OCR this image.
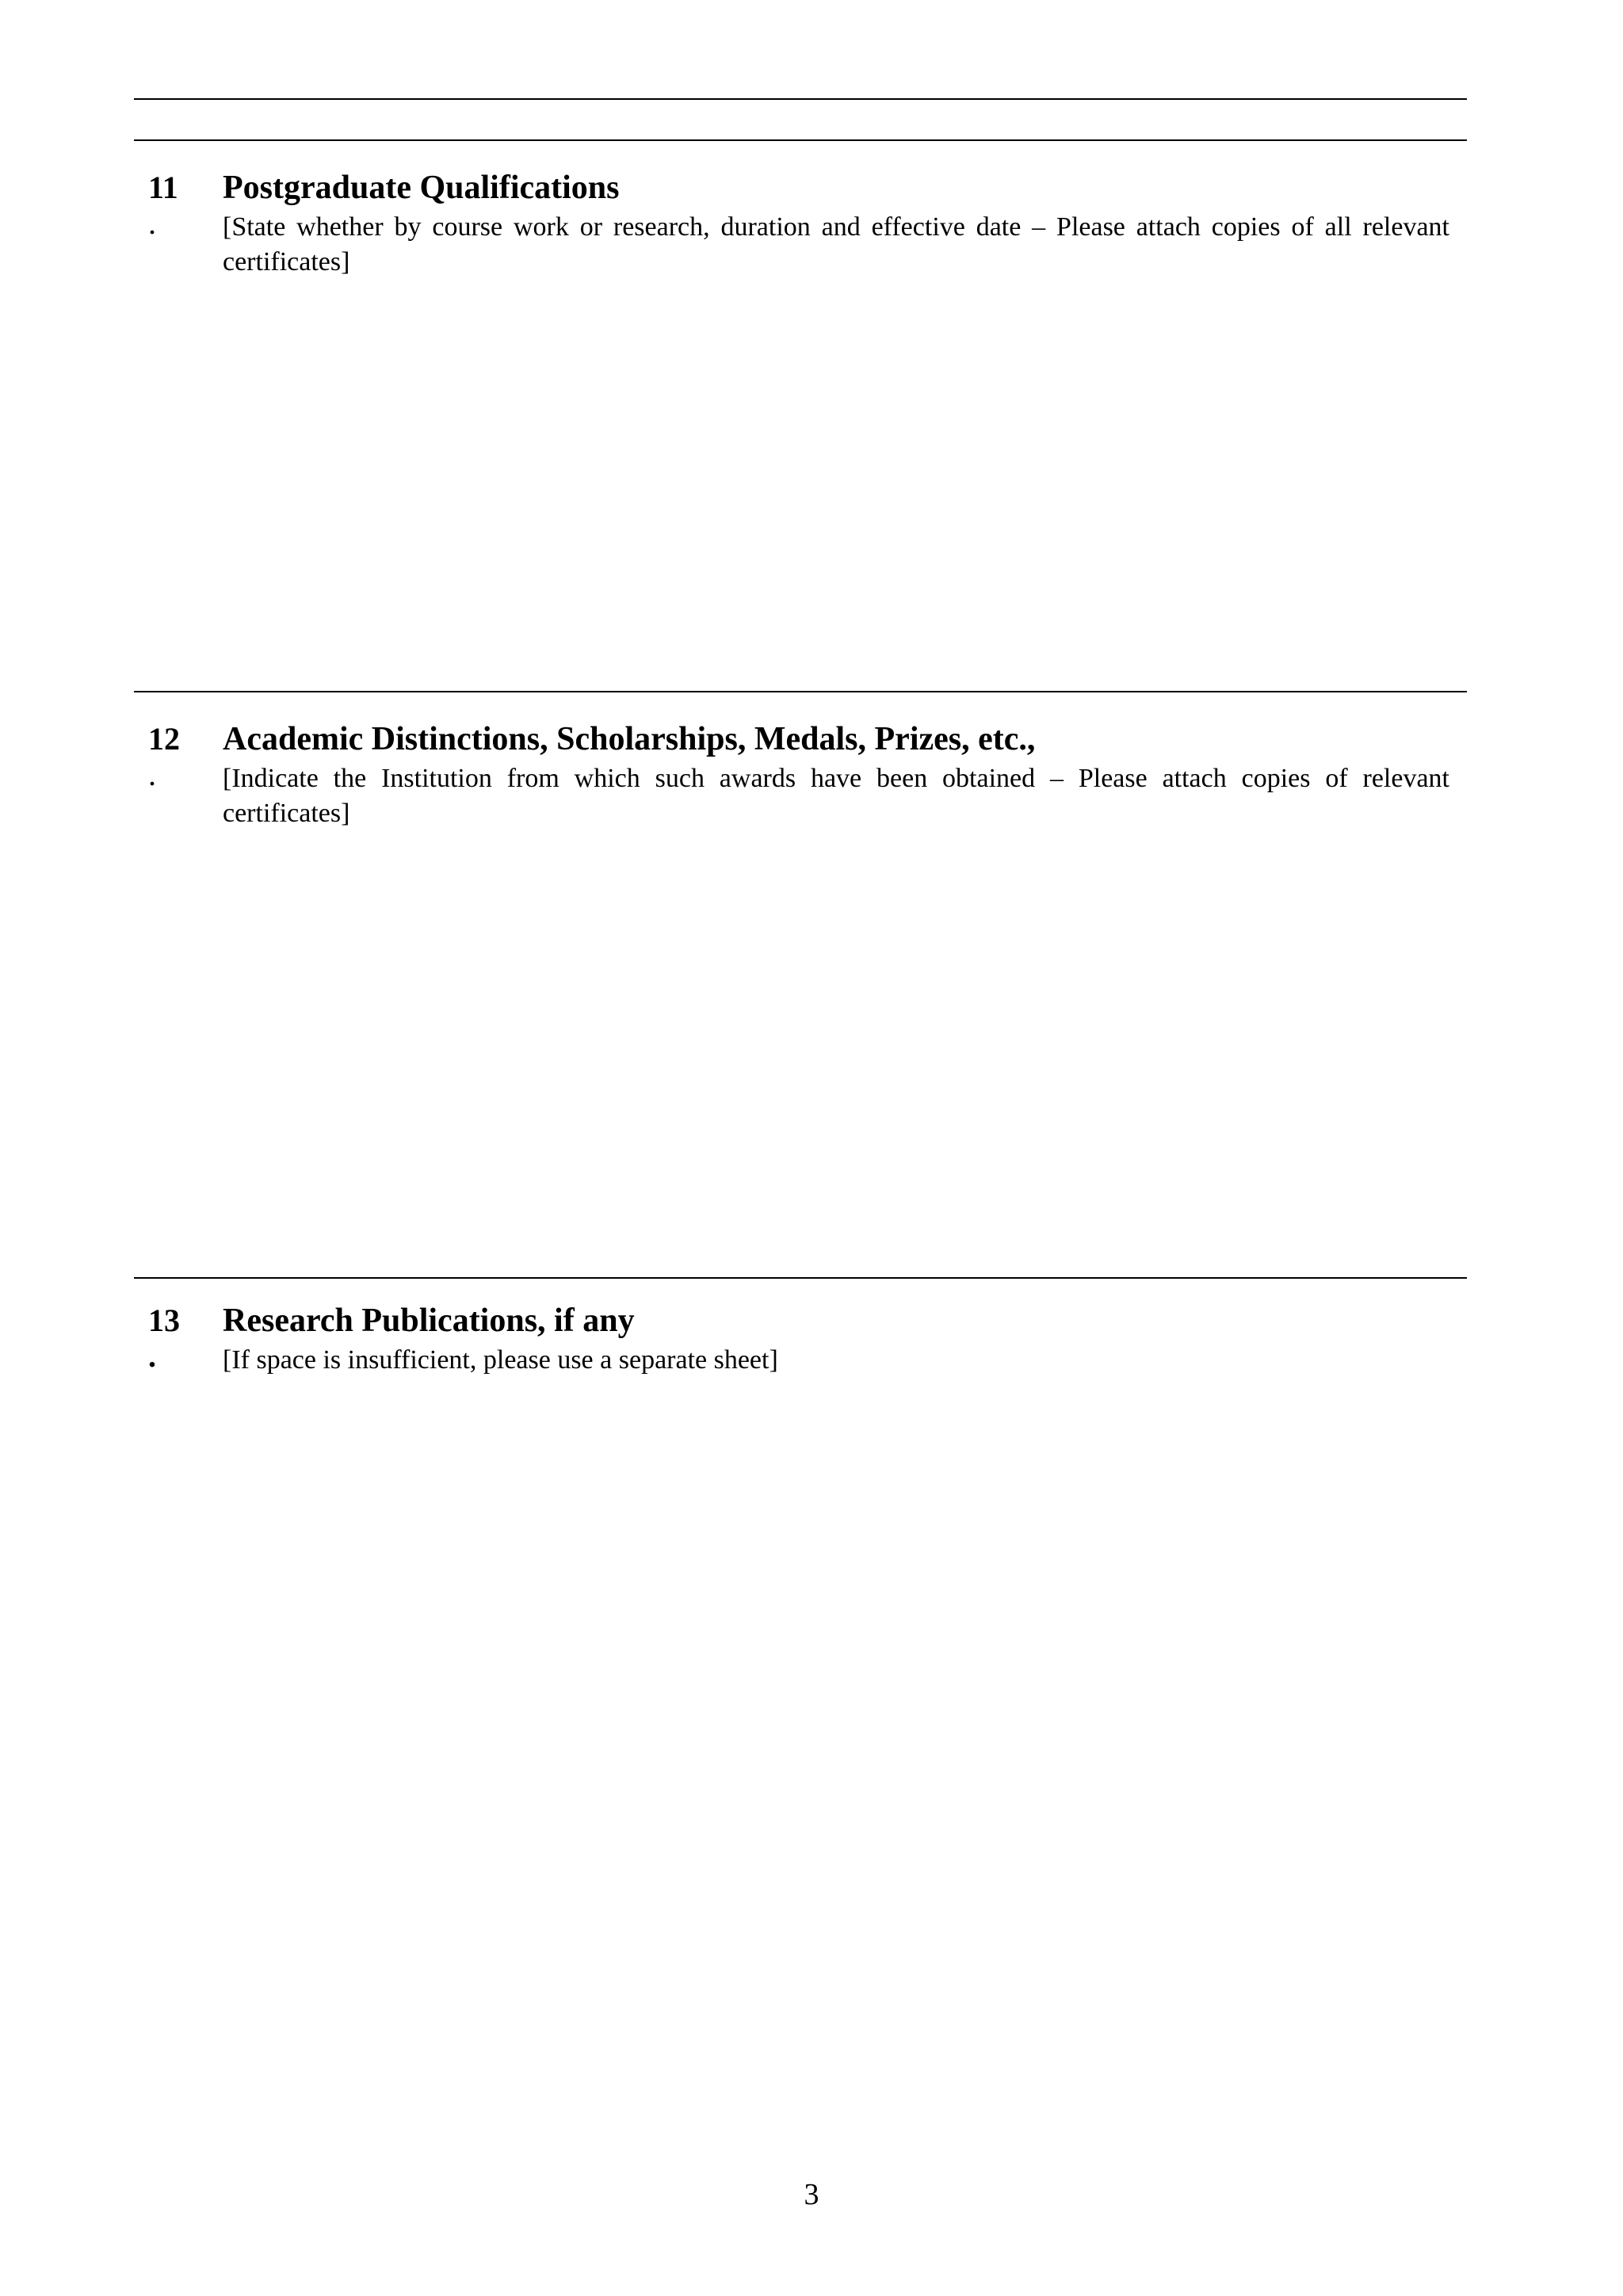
11
.
Postgraduate Qualifications
[State whether by course work or research, duration and effective date – Please attach copies of all relevant certificates]
12
.
Academic Distinctions, Scholarships, Medals, Prizes, etc.,
[Indicate the Institution from which such awards have been obtained – Please attach copies of relevant certificates]
13
.
Research Publications, if any
[If space is insufficient, please use a separate sheet]
3
